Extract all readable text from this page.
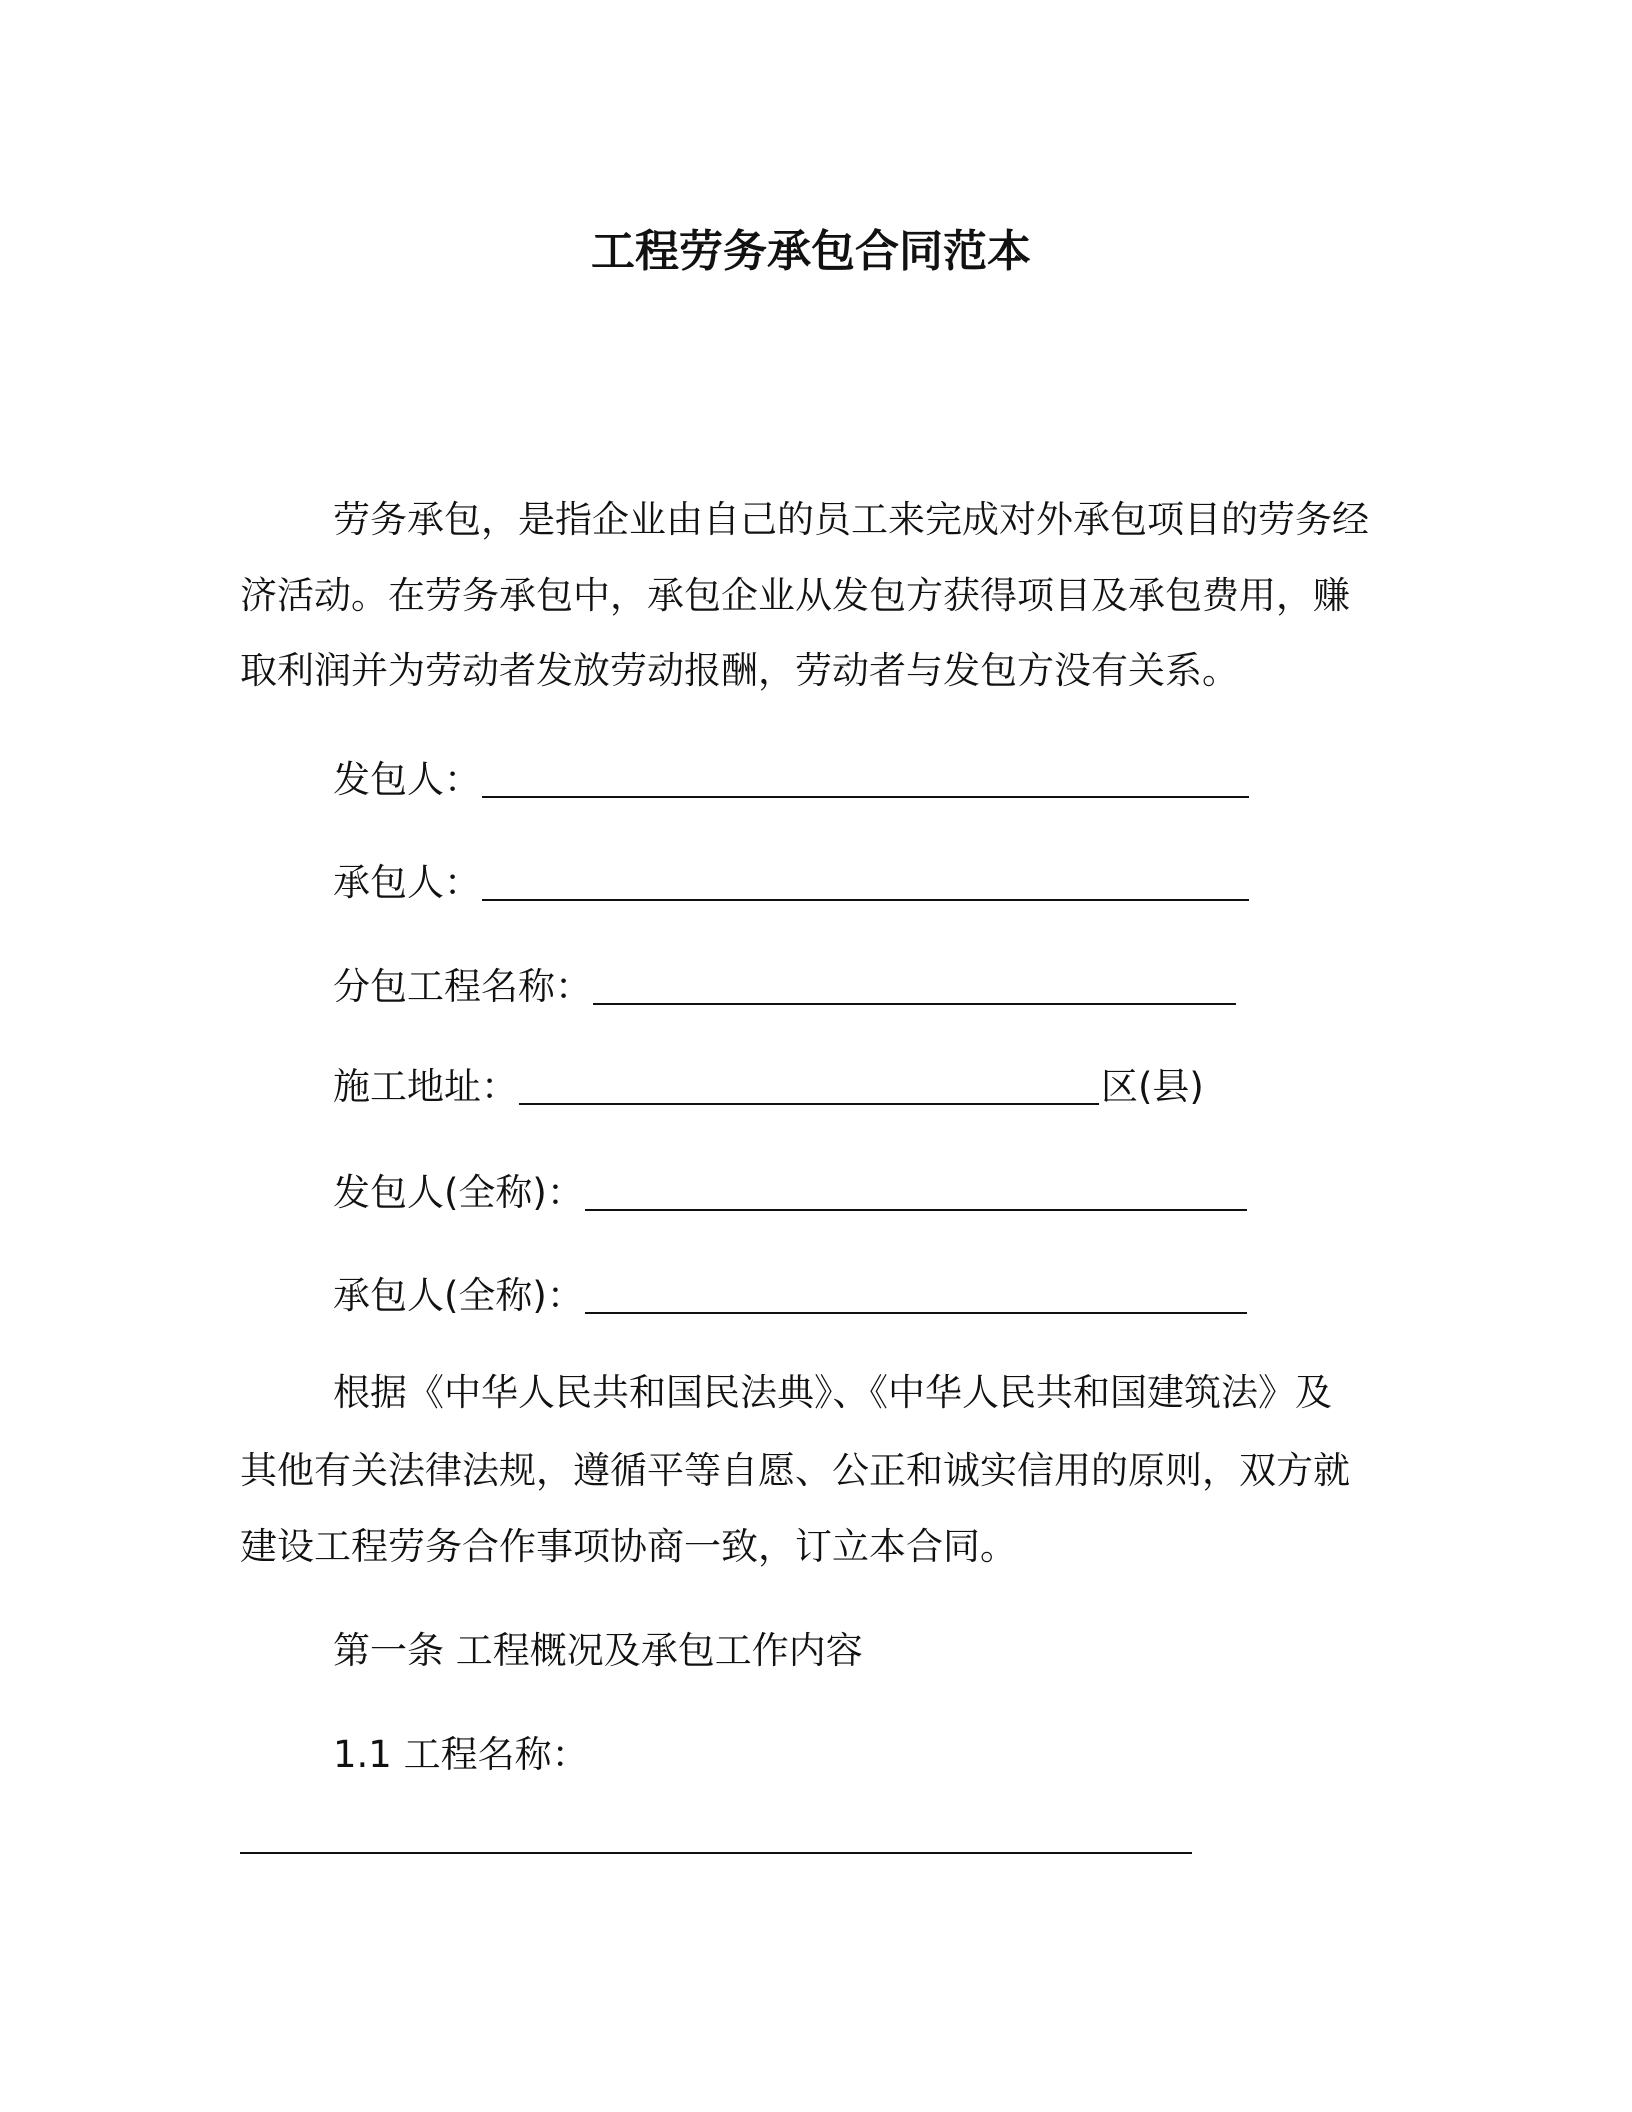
工程劳务承包合同范本
劳务承包，是指企业由自己的员工来完成对外承包项目的劳务经
济活动。在劳务承包中，承包企业从发包方获得项目及承包费用，赚
取利润并为劳动者发放劳动报酬，劳动者与发包方没有关系。
发包人：
承包人：
分包工程名称：
施工地址：	区(县)
发包人(全称)：
承包人(全称)：
根据《中华人民共和国民法典》、《中华人民共和国建筑法》及
其他有关法律法规，遵循平等自愿、公正和诚实信用的原则，双方就
建设工程劳务合作事项协商一致，订立本合同。
第一条 工程概况及承包工作内容
1.1 工程名称：
